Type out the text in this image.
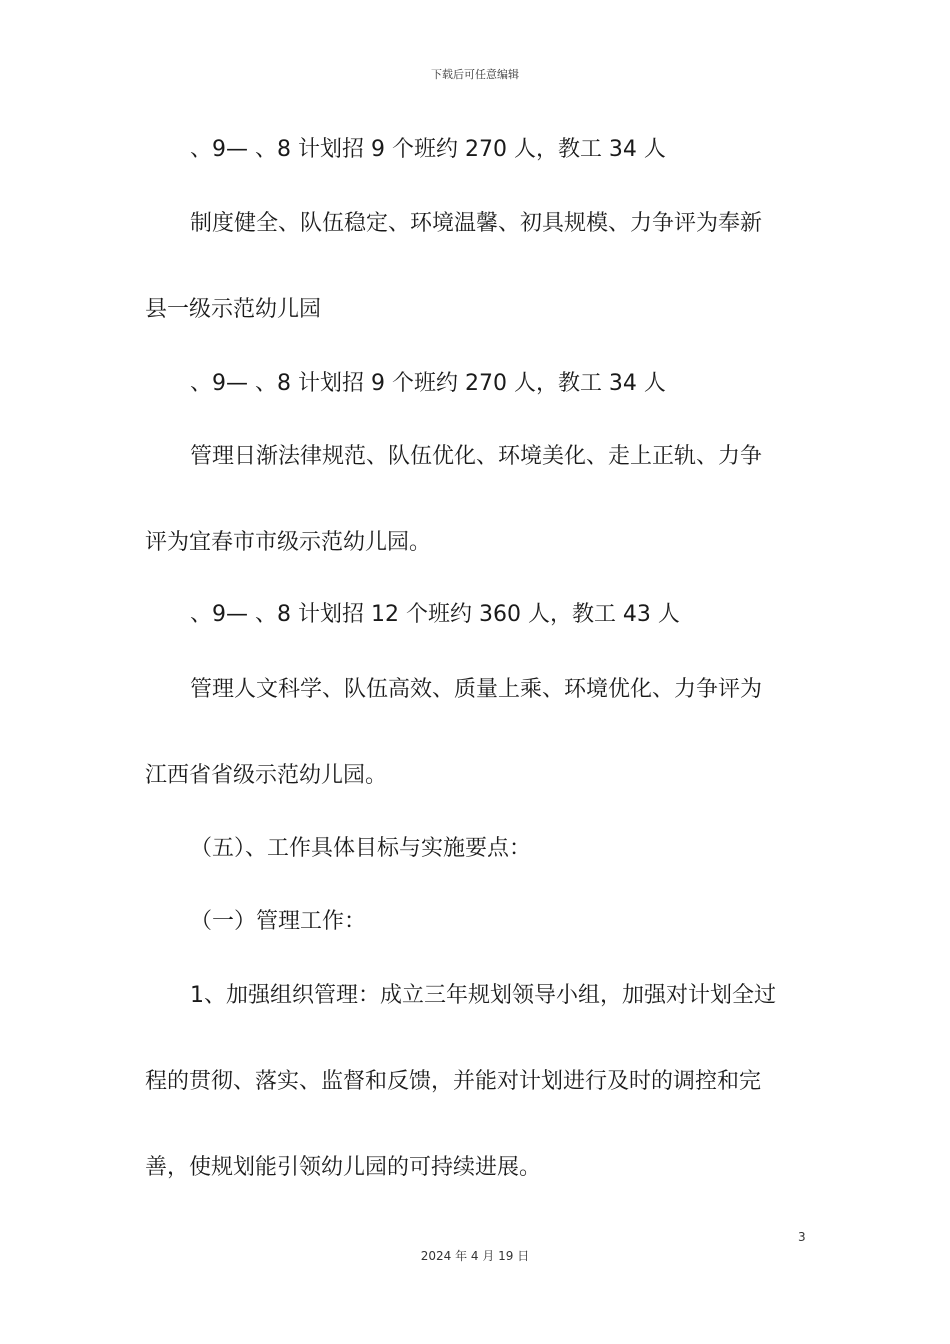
下载后可任意编辑
、9— 、8 计划招 9 个班约 270 人，教工 34 人
制度健全、队伍稳定、环境温馨、初具规模、力争评为奉新
县一级示范幼儿园
、9— 、8 计划招 9 个班约 270 人，教工 34 人
管理日渐法律规范、队伍优化、环境美化、走上正轨、力争
评为宜春市市级示范幼儿园。
、9— 、8 计划招 12 个班约 360 人，教工 43 人
管理人文科学、队伍高效、质量上乘、环境优化、力争评为
江西省省级示范幼儿园。
（五）、工作具体目标与实施要点：
（一）管理工作：
1、加强组织管理：成立三年规划领导小组，加强对计划全过
程的贯彻、落实、监督和反馈，并能对计划进行及时的调控和完
善，使规划能引领幼儿园的可持续进展。
3
2024 年 4 月 19 日
